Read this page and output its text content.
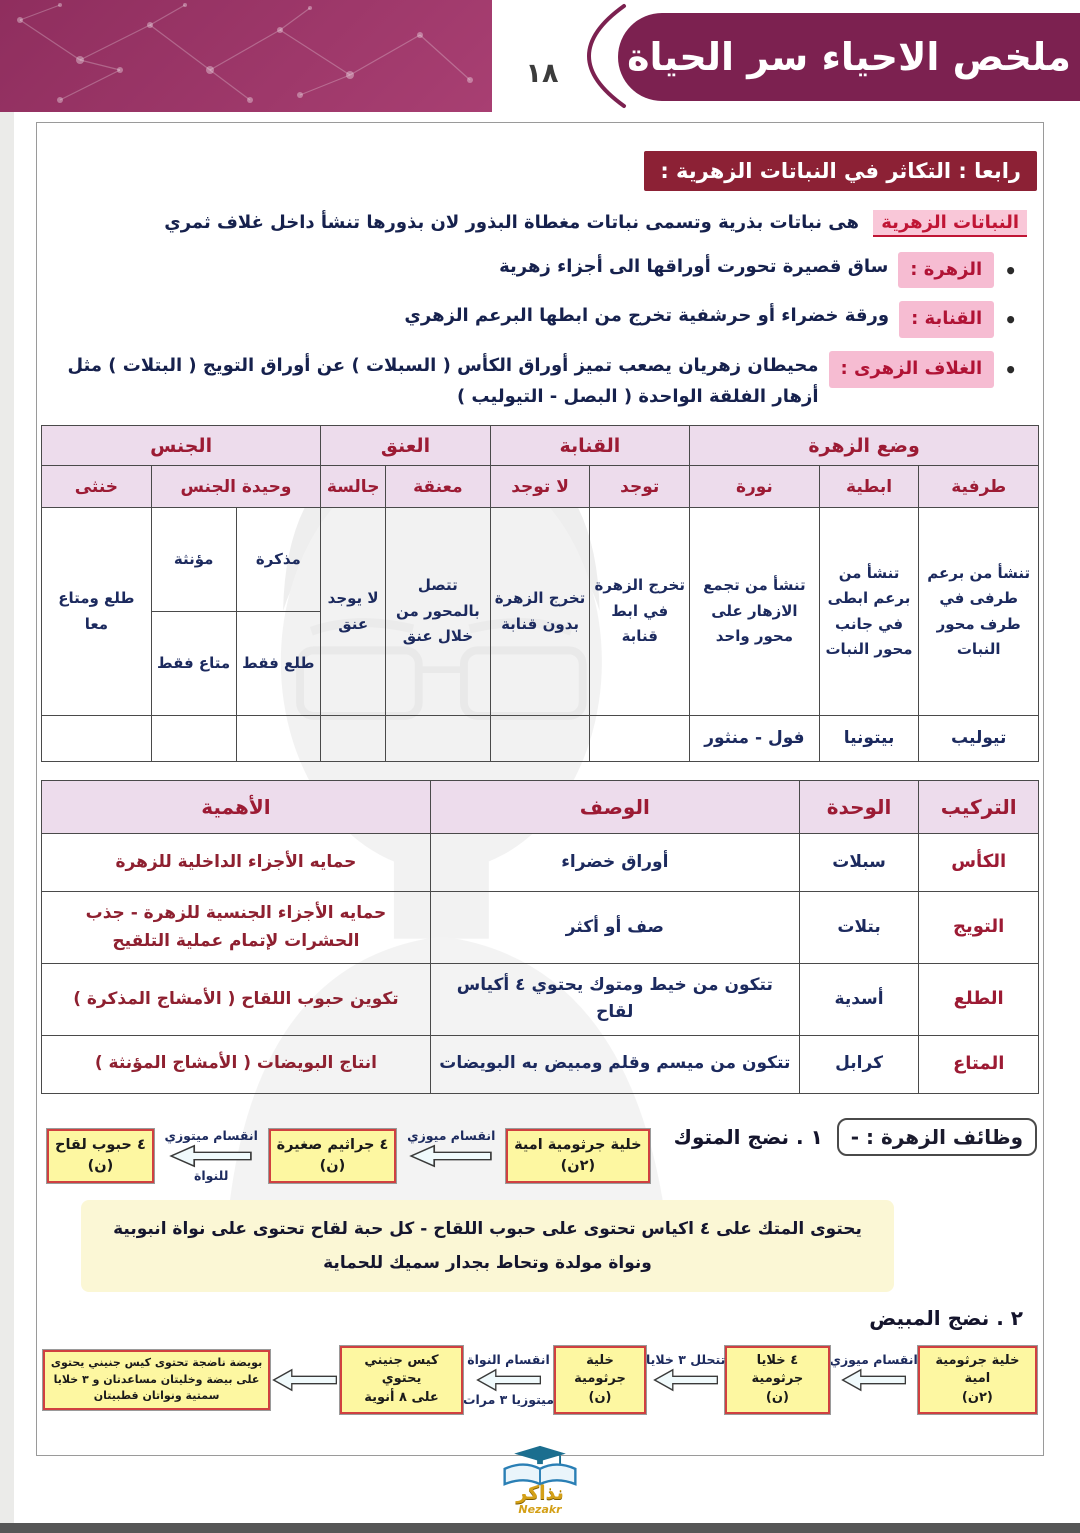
١٨	ملخص الاحياء سر الحياة
رابعا : التكاثر في النباتات الزهرية :
النباتات الزهرية هى نباتات بذرية وتسمى نباتات مغطاة البذور لان بذورها تنشأ داخل غلاف ثمري
•
الزهرة :
ساق قصيرة تحورت أوراقها الى أجزاء زهرية
•
القنابة :
ورقة خضراء أو حرشفية تخرج من ابطها البرعم الزهري
•
الغلاف الزهرى :
محيطان زهريان يصعب تميز أوراق الكأس ( السبلات ) عن أوراق التويج ( البتلات ) مثل أزهار الفلقة الواحدة ( البصل - التيوليب )
وضع الزهرة			القنابة		العنق		الجنس		
طرفية	ابطية	نورة	توجد	لا توجد	معنقة	جالسة	وحيدة الجنس		خنثى
تنشأ من برعم طرفى في طرف محور النبات	تنشأ من برعم ابطى في جانب محور النبات	تنشأ من تجمع الازهار على محور واحد	تخرج الزهرة في ابط قنابة	تخرج الزهرة بدون قنابة	تتصل بالمحور من خلال عنق	لا يوجد عنق	مذكرة	مؤنثة	طلع ومتاع معا
							طلع فقط	متاع فقط	
تيوليب	بيتونيا	فول - منثور							
التركيب	الوحدة	الوصف	الأهمية
الكأس	سبلات	أوراق خضراء	حمايه الأجزاء الداخلية للزهرة
التويج	بتلات	صف أو أكثر	حمايه الأجزاء الجنسية للزهرة - جذب الحشرات لإتمام عملية التلقيح
الطلع	أسدية	تتكون من خيط ومتوك يحتوي ٤ أكياس لقاح	تكوين حبوب اللقاح ( الأمشاج المذكرة )
المتاع	كرابل	تتكون من ميسم وقلم ومبيض به البويضات	انتاج البويضات ( الأمشاج المؤنثة )
وظائف الزهرة : -
١ . نضج المتوك
خلية جرثومية امية
(٢ن)
انقسام ميوزي
٤ جراثيم صغيرة
(ن)
انقسام ميتوزي
للنواة
٤ حبوب لقاح
(ن)
يحتوى المتك على ٤ اكياس تحتوى على حبوب اللقاح - كل حبة لقاح تحتوى على نواة انبوبية ونواة مولدة وتحاط بجدار سميك للحماية
٢ . نضج المبيض
خلية جرثومية امية
(٢ن)
انقسام ميوزي
٤ خلايا جرثومية
(ن)
تتحلل ٣ خلايا
خلية جرثومية
(ن)
انقسام النواة
ميتوزيا ٣ مرات
كيس جنيني يحتوي
على ٨ أنوية
بويضة ناضجة تحتوى كيس جنيني يحتوى على بيضة وخليتان مساعدتان و ٣ خلايا سمتية ونواتان قطبيتان
نذاكر
Nezakr
